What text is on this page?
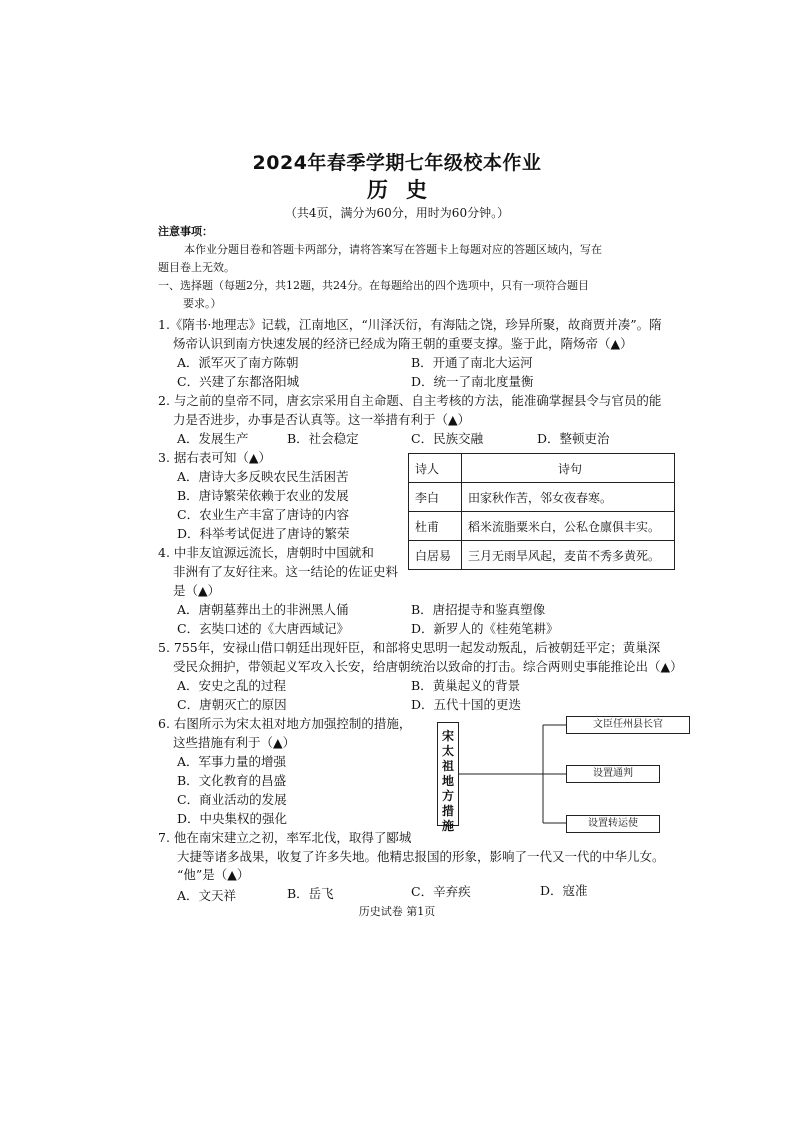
2024年春季学期七年级校本作业
历史
（共4页，满分为60分，用时为60分钟。）
注意事项：
本作业分题目卷和答题卡两部分，请将答案写在答题卡上每题对应的答题区域内，写在
题目卷上无效。
一、选择题（每题2分，共12题，共24分。在每题给出的四个选项中，只有一项符合题目
要求。）
1.《隋书·地理志》记载，江南地区，“川泽沃衍，有海陆之饶，珍异所聚，故商贾并凑”。隋
炀帝认识到南方快速发展的经济已经成为隋王朝的重要支撑。鉴于此，隋炀帝（▲）
A．派军灭了南方陈朝	B．开通了南北大运河
C．兴建了东都洛阳城	D．统一了南北度量衡
2. 与之前的皇帝不同，唐玄宗采用自主命题、自主考核的方法，能准确掌握县令与官员的能
力是否进步，办事是否认真等。这一举措有利于（▲）
A．发展生产	B．社会稳定	C．民族交融	D．整顿吏治
3. 据右表可知（▲）
A．唐诗大多反映农民生活困苦
B．唐诗繁荣依赖于农业的发展
C．农业生产丰富了唐诗的内容
D．科举考试促进了唐诗的繁荣
诗人	诗句
李白	田家秋作苦，邻女夜春寒。
杜甫	稻米流脂粟米白，公私仓廪俱丰实。
白居易	三月无雨旱风起，麦苗不秀多黄死。
4. 中非友谊源远流长，唐朝时中国就和
非洲有了友好往来。这一结论的佐证史料
是（▲）
A．唐朝墓葬出土的非洲黑人俑	B．唐招提寺和鉴真塑像
C．玄奘口述的《大唐西域记》	D．新罗人的《桂苑笔耕》
5. 755年，安禄山借口朝廷出现奸臣，和部将史思明一起发动叛乱，后被朝廷平定；黄巢深
受民众拥护，带领起义军攻入长安，给唐朝统治以致命的打击。综合两则史事能推论出（▲）
A．安史之乱的过程	B．黄巢起义的背景
C．唐朝灭亡的原因	D．五代十国的更迭
6. 右图所示为宋太祖对地方加强控制的措施，
这些措施有利于（▲）
A．军事力量的增强
B．文化教育的昌盛
C．商业活动的发展
D．中央集权的强化
宋太祖地方措施
文臣任州县长官
设置通判
设置转运使
7. 他在南宋建立之初，率军北伐，取得了郾城
大捷等诸多战果，收复了许多失地。他精忠报国的形象，影响了一代又一代的中华儿女。
“他”是（▲）
A．文天祥	B．岳飞	C．辛弃疾	D．寇准
历史试卷 第1页
